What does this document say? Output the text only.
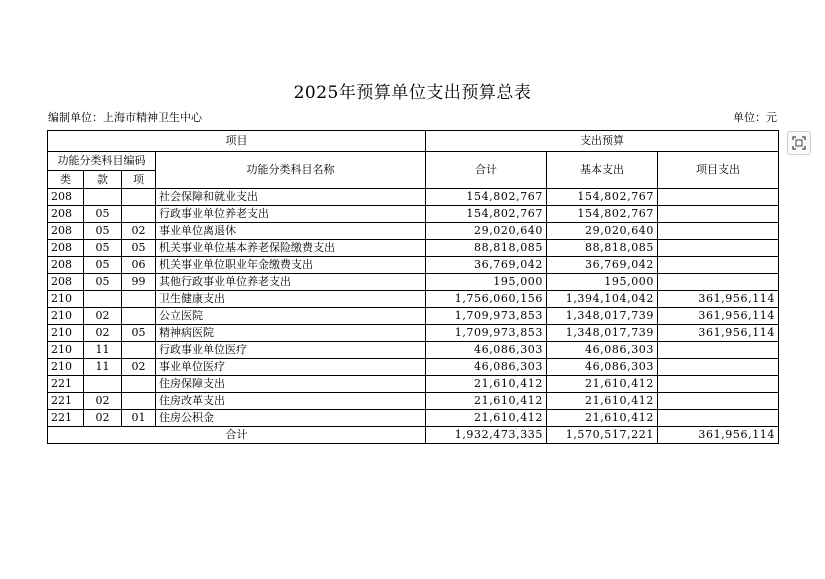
2025年预算单位支出预算总表
编制单位：上海市精神卫生中心	单位：元
项目				支出预算		
功能分类科目编码			功能分类科目名称	合计	基本支出	项目支出
类	款	项				
208			社会保障和就业支出	154,802,767	154,802,767	
208	05		行政事业单位养老支出	154,802,767	154,802,767	
208	05	02	事业单位离退休	29,020,640	29,020,640	
208	05	05	机关事业单位基本养老保险缴费支出	88,818,085	88,818,085	
208	05	06	机关事业单位职业年金缴费支出	36,769,042	36,769,042	
208	05	99	其他行政事业单位养老支出	195,000	195,000	
210			卫生健康支出	1,756,060,156	1,394,104,042	361,956,114
210	02		公立医院	1,709,973,853	1,348,017,739	361,956,114
210	02	05	精神病医院	1,709,973,853	1,348,017,739	361,956,114
210	11		行政事业单位医疗	46,086,303	46,086,303	
210	11	02	事业单位医疗	46,086,303	46,086,303	
221			住房保障支出	21,610,412	21,610,412	
221	02		住房改革支出	21,610,412	21,610,412	
221	02	01	住房公积金	21,610,412	21,610,412	
合计				1,932,473,335	1,570,517,221	361,956,114
